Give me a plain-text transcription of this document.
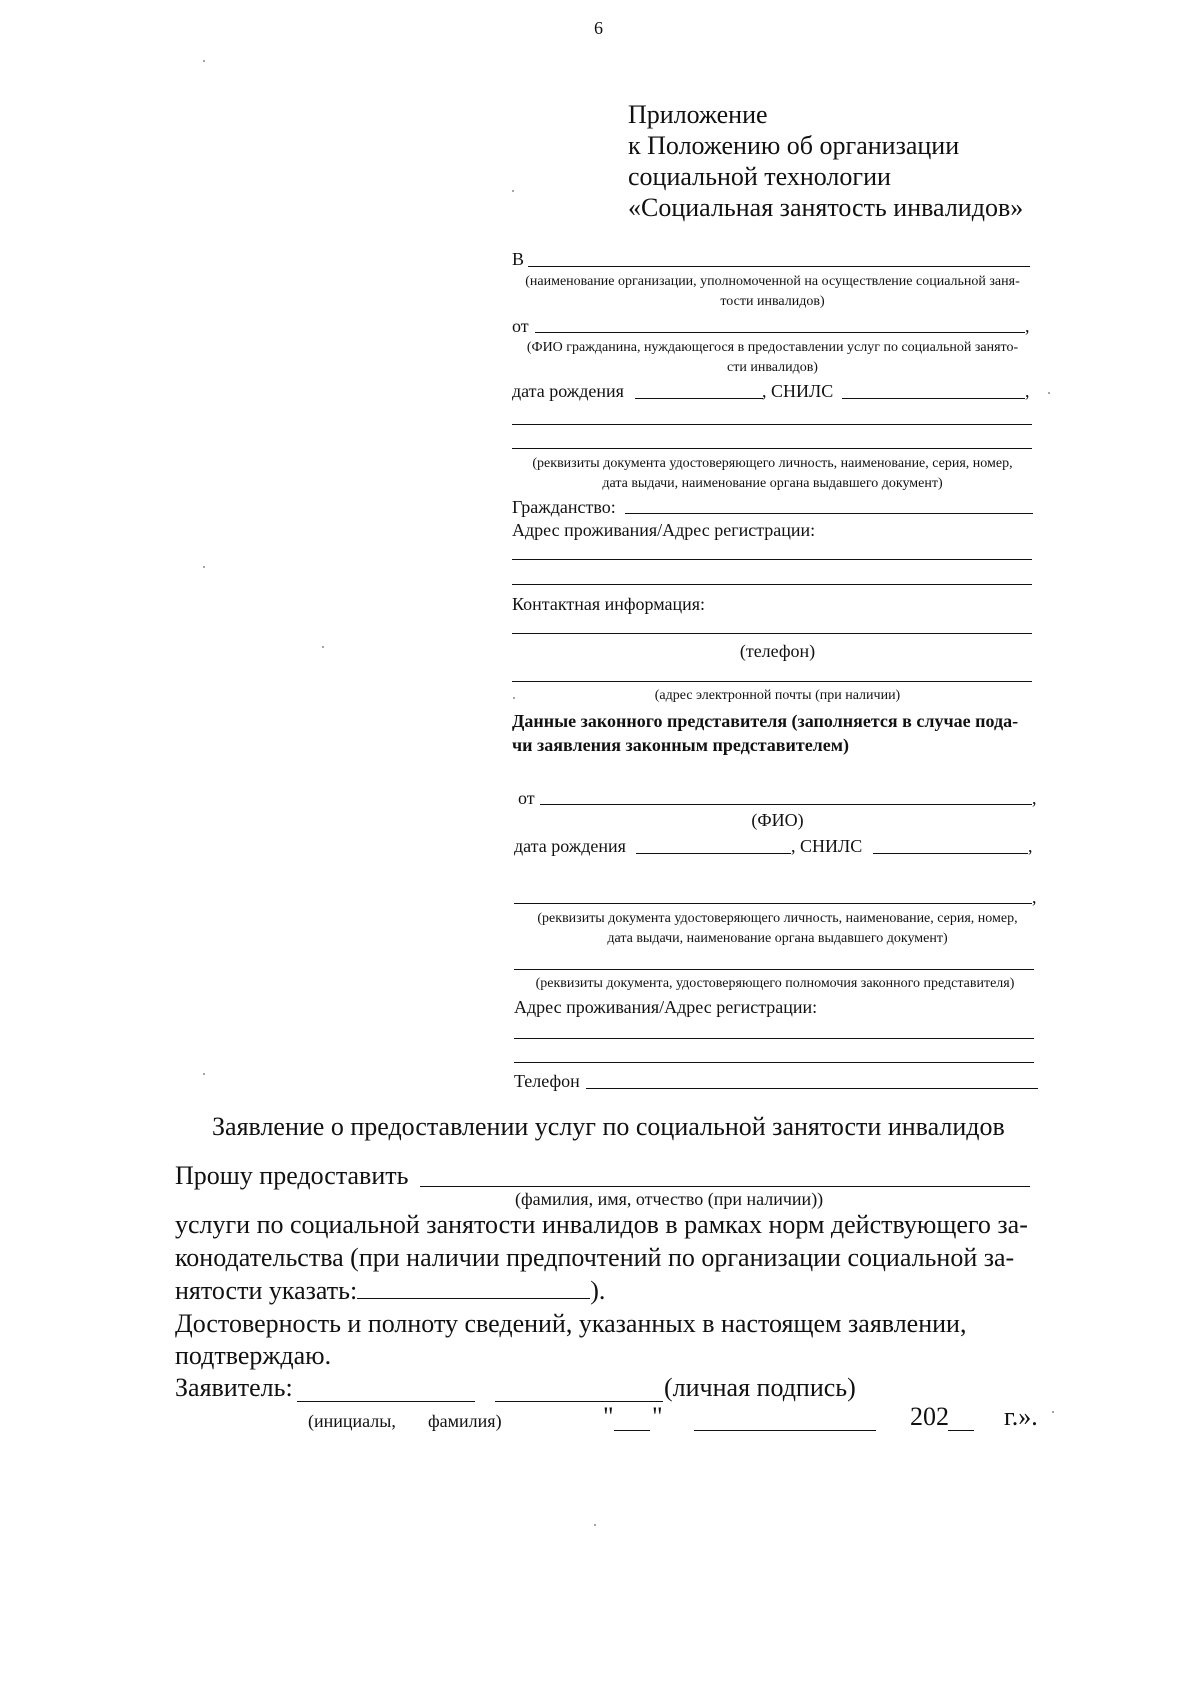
6
Приложение
к Положению об организации
социальной технологии
«Социальная занятость инвалидов»
В
(наименование организации, уполномоченной на осуществление социальной заня-
тости инвалидов)
от	,
(ФИО гражданина, нуждающегося в предоставлении услуг по социальной занято-
сти инвалидов)
дата рождения	, СНИЛС	,
(реквизиты документа удостоверяющего личность, наименование, серия, номер,
дата выдачи, наименование органа выдавшего документ)
Гражданство:
Адрес проживания/Адрес регистрации:
Контактная информация:
(телефон)
(адрес электронной почты (при наличии)
Данные законного представителя (заполняется в случае пода-
чи заявления законным представителем)
от	,
(ФИО)
дата рождения	, СНИЛС	,
,
(реквизиты документа удостоверяющего личность, наименование, серия, номер,
дата выдачи, наименование органа выдавшего документ)
(реквизиты документа, удостоверяющего полномочия законного представителя)
Адрес проживания/Адрес регистрации:
Телефон
Заявление о предоставлении услуг по социальной занятости инвалидов
Прошу предоставить
(фамилия, имя, отчество (при наличии))
услуги по социальной занятости инвалидов в рамках норм действующего за-
конодательства (при наличии предпочтений по организации социальной за-
нятости указать:	).
Достоверность и полноту сведений, указанных в настоящем заявлении,
подтверждаю.
Заявитель:	(личная подпись)
(инициалы, фамилия)	" "	202 г.».
